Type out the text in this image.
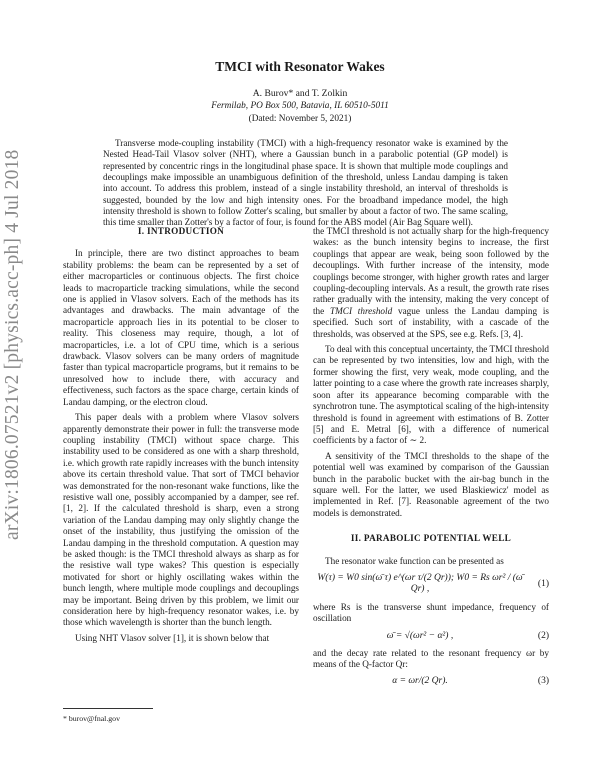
arXiv:1806.07521v2 [physics.acc-ph] 4 Jul 2018
TMCI with Resonator Wakes
A. Burov* and T. Zolkin
Fermilab, PO Box 500, Batavia, IL 60510-5011
(Dated: November 5, 2021)

Transverse mode-coupling instability (TMCI) with a high-frequency resonator wake is examined by the Nested Head-Tail Vlasov solver (NHT), where a Gaussian bunch in a parabolic potential (GP model) is represented by concentric rings in the longitudinal phase space. It is shown that multiple mode couplings and decouplings make impossible an unambiguous definition of the threshold, unless Landau damping is taken into account. To address this problem, instead of a single instability threshold, an interval of thresholds is suggested, bounded by the low and high intensity ones. For the broadband impedance model, the high intensity threshold is shown to follow Zotter's scaling, but smaller by about a factor of two. The same scaling, this time smaller than Zotter's by a factor of four, is found for the ABS model (Air Bag Square well).

I. INTRODUCTION

In principle, there are two distinct approaches to beam stability problems: the beam can be represented by a set of either macroparticles or continuous objects. The first choice leads to macroparticle tracking simulations, while the second one is applied in Vlasov solvers. Each of the methods has its advantages and drawbacks. The main advantage of the macroparticle approach lies in its potential to be closer to reality. This closeness may require, though, a lot of macroparticles, i.e. a lot of CPU time, which is a serious drawback. Vlasov solvers can be many orders of magnitude faster than typical macroparticle programs, but it remains to be unresolved how to include there, with accuracy and effectiveness, such factors as the space charge, certain kinds of Landau damping, or the electron cloud.

This paper deals with a problem where Vlasov solvers apparently demonstrate their power in full: the transverse mode coupling instability (TMCI) without space charge. This instability used to be considered as one with a sharp threshold, i.e. which growth rate rapidly increases with the bunch intensity above its certain threshold value. That sort of TMCI behavior was demonstrated for the non-resonant wake functions, like the resistive wall one, possibly accompanied by a damper, see ref. [1, 2]. If the calculated threshold is sharp, even a strong variation of the Landau damping may only slightly change the onset of the instability, thus justifying the omission of the Landau damping in the threshold computation. A question may be asked though: is the TMCI threshold always as sharp as for the resistive wall type wakes? This question is especially motivated for short or highly oscillating wakes within the bunch length, where multiple mode couplings and decouplings may be important. Being driven by this problem, we limit our consideration here by high-frequency resonator wakes, i.e. by those which wavelength is shorter than the bunch length.

Using NHT Vlasov solver [1], it is shown below that

the TMCI threshold is not actually sharp for the high-frequency wakes: as the bunch intensity begins to increase, the first couplings that appear are weak, being soon followed by the decouplings. With further increase of the intensity, mode couplings become stronger, with higher growth rates and larger coupling-decoupling intervals. As a result, the growth rate rises rather gradually with the intensity, making the very concept of the TMCI threshold vague unless the Landau damping is specified. Such sort of instability, with a cascade of the thresholds, was observed at the SPS, see e.g. Refs. [3, 4].

To deal with this conceptual uncertainty, the TMCI threshold can be represented by two intensities, low and high, with the former showing the first, very weak, mode coupling, and the latter pointing to a case where the growth rate increases sharply, soon after its appearance becoming comparable with the synchrotron tune. The asymptotical scaling of the high-intensity threshold is found in agreement with estimations of B. Zotter [5] and E. Metral [6], with a difference of numerical coefficients by a factor of ∼ 2.

A sensitivity of the TMCI thresholds to the shape of the potential well was examined by comparison of the Gaussian bunch in the parabolic bucket with the air-bag bunch in the square well. For the latter, we used Blaskiewicz' model as implemented in Ref. [7]. Reasonable agreement of the two models is demonstrated.

II. PARABOLIC POTENTIAL WELL

The resonator wake function can be presented as

W(τ) = W0 sin(ω̄ τ) e^(ωr τ/(2 Qr)); W0 = Rs ωr² / (ω̄ Qr) ,
(1)

where Rs is the transverse shunt impedance, frequency of oscillation

ω̄ = √(ωr² − α²) ,	(2)

and the decay rate related to the resonant frequency ωr by means of the Q-factor Qr:

α = ωr/(2 Qr).	(3)
* burov@fnal.gov
